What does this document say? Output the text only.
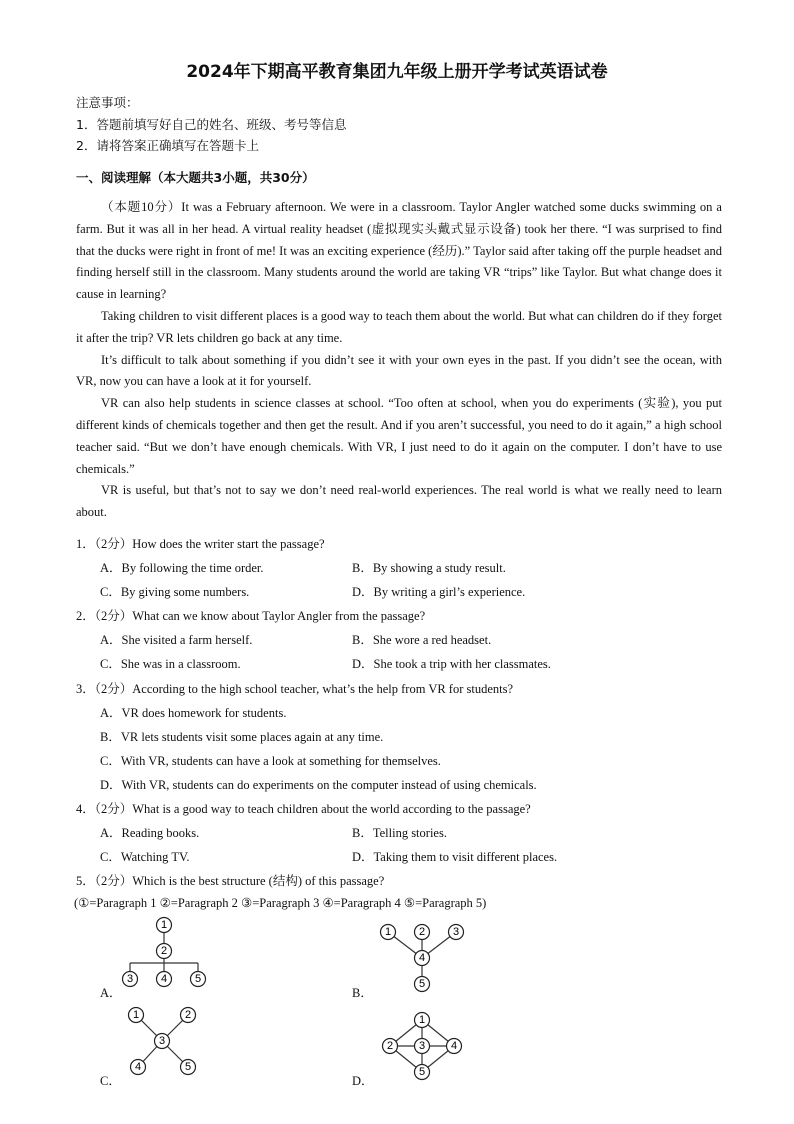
2024年下期高平教育集团九年级上册开学考试英语试卷
注意事项：
1．答题前填写好自己的姓名、班级、考号等信息
2．请将答案正确填写在答题卡上
一、阅读理解（本大题共3小题，共30分）

（本题10分）It was a February afternoon. We were in a classroom. Taylor Angler watched some ducks swimming on a farm. But it was all in her head. A virtual reality headset (虚拟现实头戴式显示设备) took her there. “I was surprised to find that the ducks were right in front of me! It was an exciting experience (经历).” Taylor said after taking off the purple headset and finding herself still in the classroom. Many students around the world are taking VR “trips” like Taylor. But what change does it cause in learning?

Taking children to visit different places is a good way to teach them about the world. But what can children do if they forget it after the trip? VR lets children go back at any time.

It’s difficult to talk about something if you didn’t see it with your own eyes in the past. If you didn’t see the ocean, with VR, now you can have a look at it for yourself.

VR can also help students in science classes at school. “Too often at school, when you do experiments (实验), you put different kinds of chemicals together and then get the result. And if you aren’t successful, you need to do it again,” a high school teacher said. “But we don’t have enough chemicals. With VR, I just need to do it again on the computer. I don’t have to use chemicals.”

VR is useful, but that’s not to say we don’t need real-world experiences. The real world is what we really need to learn about.

1．（2分）How does the writer start the passage?
A．By following the time order.	B．By showing a study result.
C．By giving some numbers.	D．By writing a girl’s experience.
2．（2分）What can we know about Taylor Angler from the passage?
A．She visited a farm herself.	B．She wore a red headset.
C．She was in a classroom.	D．She took a trip with her classmates.
3．（2分）According to the high school teacher, what’s the help from VR for students?
A．VR does homework for students.
B．VR lets students visit some places again at any time.
C．With VR, students can have a look at something for themselves.
D．With VR, students can do experiments on the computer instead of using chemicals.
4．（2分）What is a good way to teach children about the world according to the passage?
A．Reading books.	B．Telling stories.
C．Watching TV.	D．Taking them to visit different places.
5．（2分）Which is the best structure (结构) of this passage?
(①=Paragraph 1 ②=Paragraph 2 ③=Paragraph 3 ④=Paragraph 4 ⑤=Paragraph 5)
A．	B．
C．	D．
1
2
3	4	5
1	2	3
4
5
1	2
3
4	5
1
2 3 4
5
